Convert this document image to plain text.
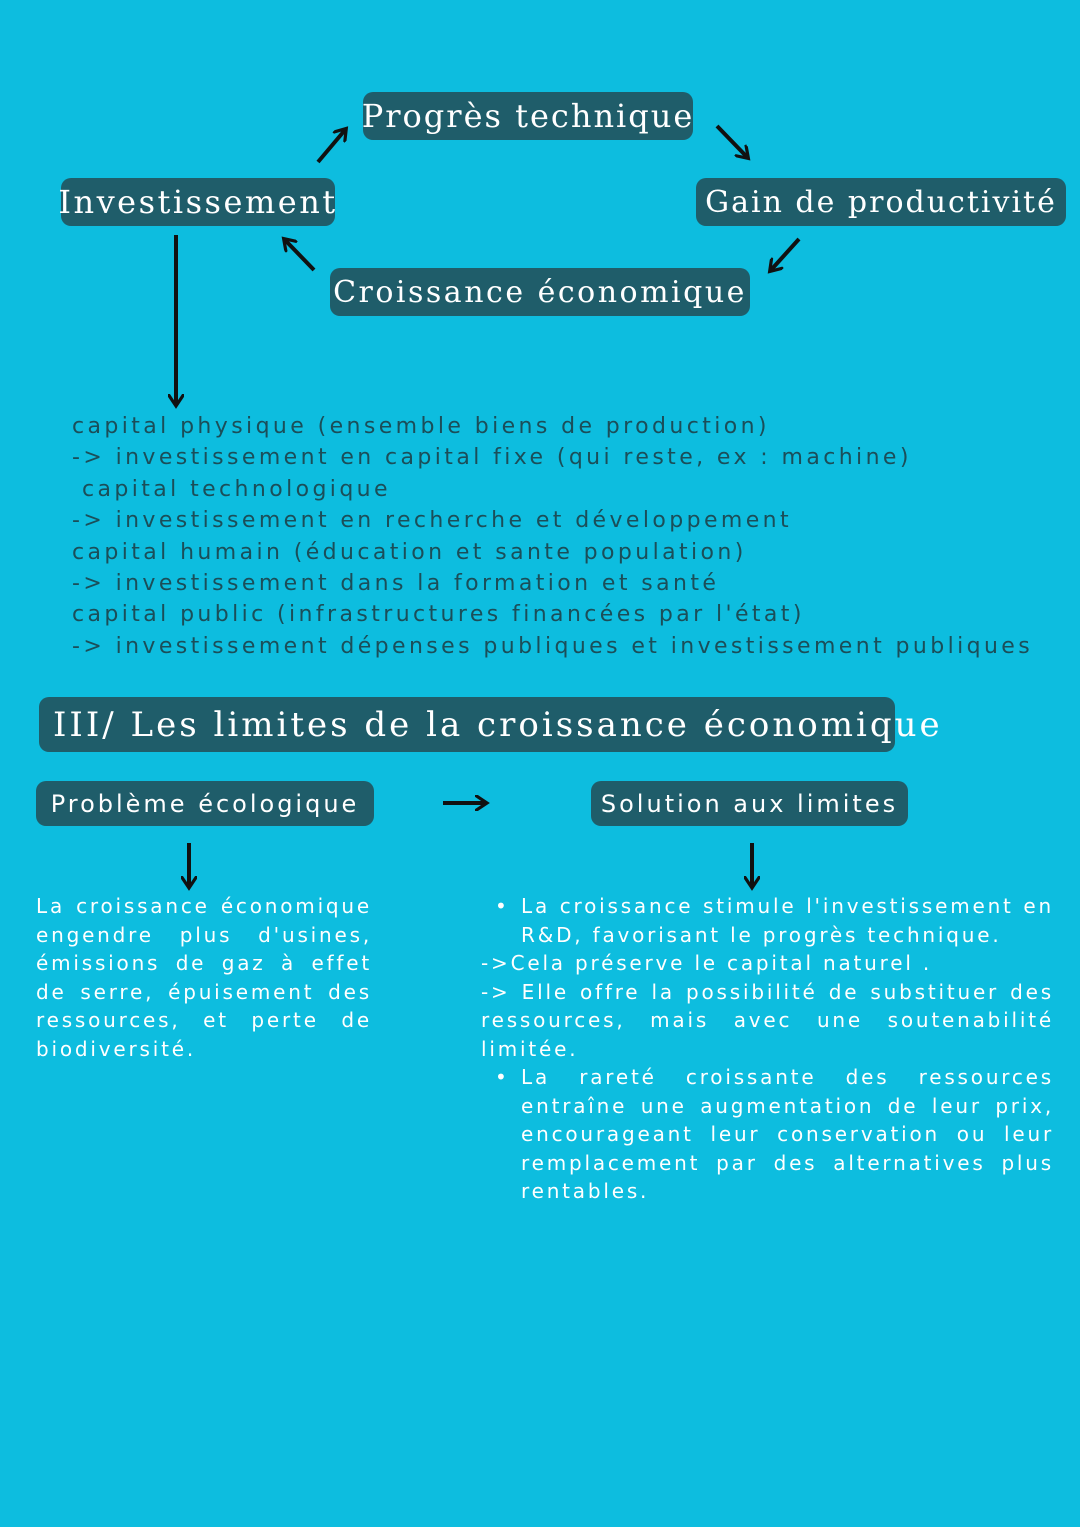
Progrès technique
Investissement	Gain de productivité
Croissance économique
capital physique (ensemble biens de production)
-> investissement en capital fixe (qui reste, ex : machine)
capital technologique
-> investissement en recherche et développement
capital humain (éducation et sante population)
-> investissement dans la formation et santé
capital public (infrastructures financées par l'état)
-> investissement dépenses publiques et investissement publiques
III/ Les limites de la croissance économique
Problème écologique	Solution aux limites

La croissance économique engendre plus d'usines, émissions de gaz à effet de serre, épuisement des ressources, et perte de biodiversité.

• La croissance stimule l'investissement en R&D, favorisant le progrès technique.

->Cela préserve le capital naturel .

-> Elle offre la possibilité de substituer des ressources, mais avec une soutenabilité limitée.

• La rareté croissante des ressources entraîne une augmentation de leur prix, encourageant leur conservation ou leur remplacement par des alternatives plus rentables.
